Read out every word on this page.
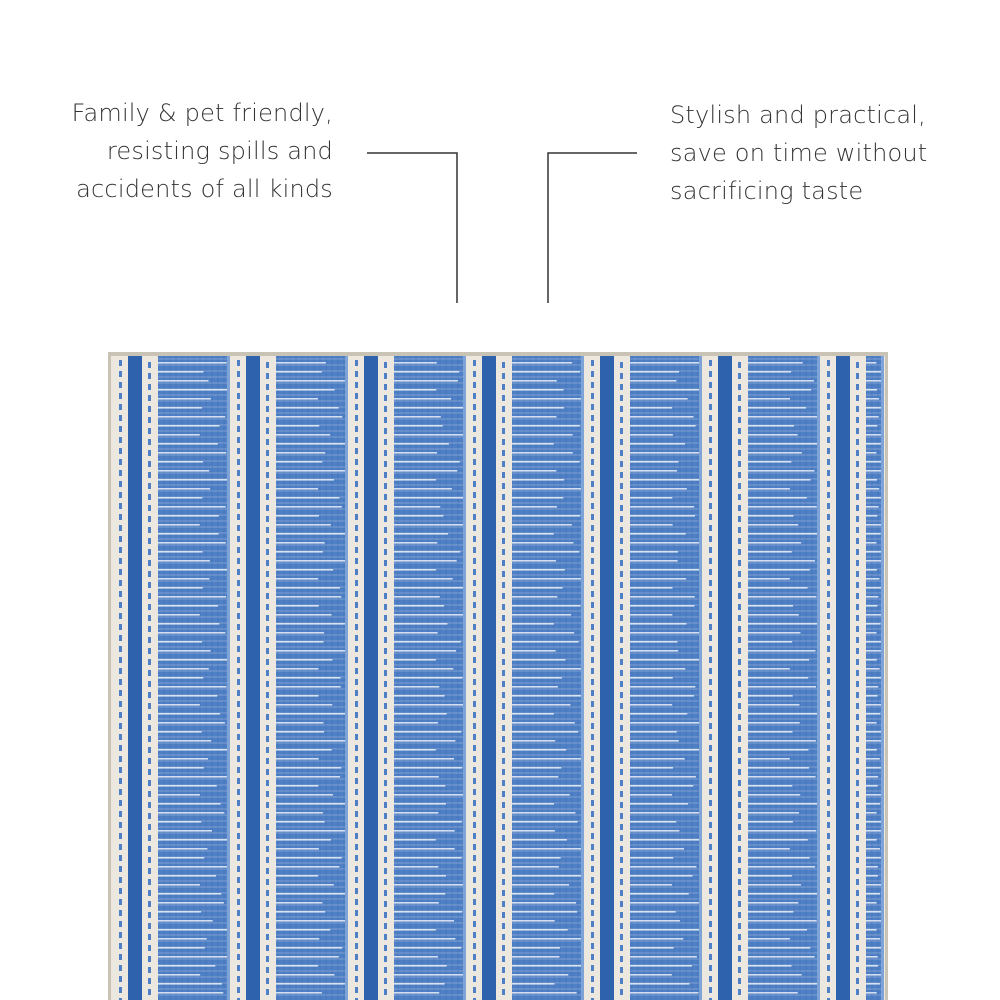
Family & pet friendly,
resisting spills and
accidents of all kinds
Stylish and practical,
save on time without
sacrificing taste
